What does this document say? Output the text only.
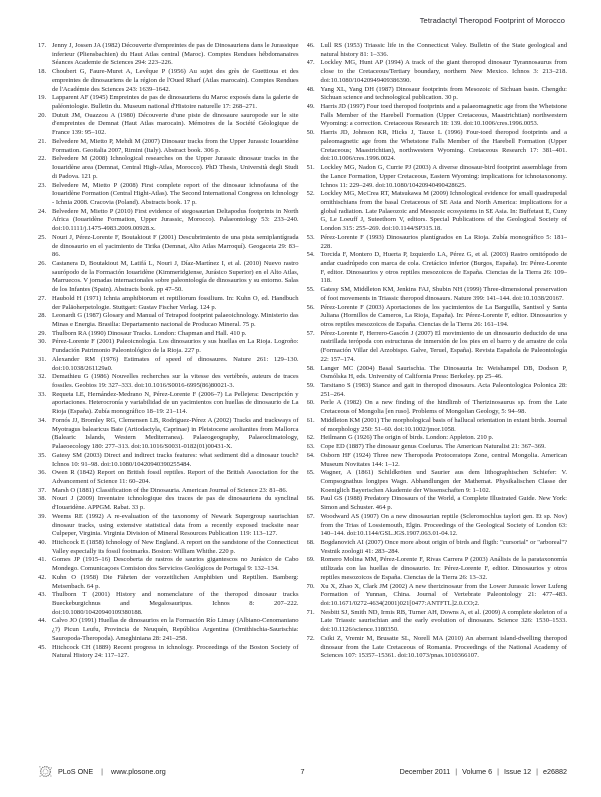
Tetradactyl Theropod Footprint of Morocco
17. Jenny J, Jossen JA (1982) Découverte d'empreintes de pas de Dinosauriens dans le Jurassique inferieur (Pliensbachien) du Haut Atlas central (Maroc). Comptes Rendues hébdomanaires Séances Academie de Sciences 294: 223–226.
18. Choubert G, Faure-Muret A, Levêque P (1956) Au sujet des grès de Guettioua et des empreintes de dinosauriens de la région de l'Oued Rharf (Atlas marocain). Comptes Rendues de l'Académie des Sciences 243: 1639–1642.
19. Lapparent AF (1945) Empreintes de pas de dinosauriens du Maroc exposés dans la galerie de paléontologie. Bulletin du. Museum national d'Histoire naturelle 17: 268–271.
20. Dutuit JM, Ouazzou A (1980) Découverte d'une piste de dinosaure sauropode sur le site d'empreintes de Demnat (Haut Atlas marocain). Mémoires de la Société Géologique de France 139: 95–102.
21. Belvedere M, Mietto P, Mehdi M (2007) Dinosaur tracks from the Upper Jurassic Iouaridène Formation. Geoitalia 2007, Rimini (Italy). Abstract book. 306 p.
22. Belvedere M (2008) Ichnological researches on the Upper Jurassic dinosaur tracks in the Iouaridène area (Demnat, Central High-Atlas, Morocco). PhD Thesis, Università degli Studi di Padova. 121 p.
23. Belvedere M, Mietto P (2008) First complete report of the dinosaur ichnofauna of the Iouaridène Formation (Central Hight-Atlas). The Second International Congress on Ichnology - Ichnia 2008. Cracovia (Poland). Abstracts book. 17 p.
24. Belvedere M, Mietto P (2010) First evidence of stegosaurian Deltapodus footprints in North Africa (Iouaridène Formation, Upper Jurassic, Morocco). Palaeontology 53: 233–240. doi:10.1111/j.1475-4983.2009.00928.x.
25. Nouri J, Pérez-Lorente F, Boutakiout F (2001) Descubrimiento de una pista semiplantígrada de dinosaurio en el yacimiento de Tirika (Demnat, Alto Atlas Marroquí). Geogaceta 29: 83–86.
26. Castanera D, Boutakiout M, Latifá L, Nouri J, Díaz-Martínez I, et al. (2010) Nuevo rastro saurópodo de la Formación Iouaridène (Kimmeridgiense, Jurásico Superior) en el Alto Atlas, Marruecos. V jornadas internacionales sobre paleontología de dinosaurios y su entorno. Salas de los Infantes (Spain). Abstracts book. pp 47–50.
27. Haubold H (1971) Ichnia amphibiorum et reptiliorum fossilium. In: Kuhn O, ed. Handbuch der Paläoherpetologie. Stuttgart: Gustav Fischer Verlag. 124 p.
28. Leonardi G (1987) Glosary and Manual of Tetrapod footprint palaeoichnology. Ministerio das Minas e Energia. Brasilia: Departamento nacional de Producao Mineral. 75 p.
29. Thulborn RA (1990) Dinosaur Tracks. London: Chapman and Hall. 410 p.
30. Pérez-Lorente F (2001) Paleoicnología. Los dinosaurios y sus huellas en La Rioja. Logroño: Fundación Patrimonio Paleontológico de la Rioja. 227 p.
31. Alexander RM (1976) Estimates of speed of dinosaures. Nature 261: 129–130. doi:10.1038/261129a0.
32. Demathieu G (1986) Nouvelles recherches sur la vitesse des vertébrés, auteurs de traces fossiles. Geobios 19: 327–333. doi:10.1016/S0016-6995(86)80021-3.
33. Requeta LE, Hernández-Medrano N, Pérez-Lorente F (2006–7) La Pellejera: Descripción y aportaciones. Heterocronía y variabilidad de un yacimientos con huellas de dinosaurio de La Rioja (España). Zubía monográfico 18–19: 21–114.
34. Fornós JJ, Bromley RG, Clemensen LB, Rodriguez-Pérez A (2002) Tracks and trackways of Myotragus balearicus Bate (Artiodactyla, Caprinae) in Pleistocene aeolianites from Mallorca (Balearic Islands, Western Mediterranea). Palaeogeography, Palaeoclimatology, Palaeoecology 180: 277–313. doi:10.1016/S0031-0182(01)00431-X.
35. Gatesy SM (2003) Direct and indirect tracks features: what sediment did a dinosaur touch? Ichnos 10: 91–98. doi:10.1080/10420940390255484.
36. Owen R (1842) Report on British fossil reptiles. Report of the British Association for the Advancement of Science 11: 60–204.
37. Marsh O (1881) Classification of the Dinosauria. American Journal of Science 23: 81–86.
38. Nouri J (2009) Inventaire ichnologique des traces de pas de dinosauriens du synclinal d'Iouaridène. APPGM. Rabat. 33 p.
39. Weems RE (1992) A re-evaluation of the taxonomy of Newark Supergroup saurischian dinosaur tracks, using extensive statistical data from a recently exposed tracksite near Culpeper, Virginia. Virginia Division of Mineral Resources Publication 119: 113–127.
40. Hitchcock E (1858) Ichnology of New England. A report on the sandstone of the Connecticut Valley especially its fossil footmarks. Boston: William Whithe. 220 p.
41. Gomes JP (1915–16) Descoberta de rastros de saurios gigantescos no Jurásico de Cabo Mondego. Comunicaçoes Comision dos Servicios Geológicos de Portugal 9: 132–134.
42. Kuhn O (1958) Die Fährten der vorzeitlichen Amphibien und Reptilien. Bamberg: Meisenbach. 64 p.
43. Thulborn T (2001) History and nomenclature of the theropod dinosaur tracks Bueckeburgichnus and Megalosauripus. Ichnos 8: 207–222. doi:10.1080/10420940109380188.
44. Calvo JO (1991) Huellas de dinosaurios en la Formación Río Limay (Albiano-Cenomaniano ¿?) Picun Leufu, Provincia de Neuquén, República Argentina (Ornithischia-Saurischia: Sauropoda-Theropoda). Ameghiniana 28: 241–258.
45. Hitchcock CH (1889) Recent progress in ichnology. Proceedings of the Boston Society of Natural History 24: 117–127.
46. Lull RS (1953) Triassic life in the Connecticut Valey. Bulletin of the State geological and natural history 81: 1–336.
47. Lockley MG, Hunt AP (1994) A track of the giant theropod dinosaur Tyrannosaurus from close to the Cretaceous/Tertiary boundary, northern New Mexico. Ichnos 3: 213–218. doi:10.1080/10420949409386390.
48. Yang XL, Yang DH (1987) Dinosaur footprints from Mesozoic of Sichuan basin. Chengdu: Sichuan science and technological publication. 30 p.
49. Harris JD (1997) Four toed theropod footprints and a palaeomagnetic age from the Whetstone Falls Member of the Harebell Formation (Upper Cretaceous, Maastrichtian) northwestern Wyoming: a correction. Cretaceous Research 18: 139. doi:10.1006/cres.1996.0053.
50. Harris JD, Johnson KR, Hicks J, Tauxe L (1996) Four-toed theropod footprints and a paleomagnetic age from the Whetstone Falls Member of the Harebell Formation (Upper Cretaceous; Maastrichtian), northwestern Wyoming. Cretaceous Research 17: 381–401. doi:10.1006/cres.1996.0024.
51. Lockley MG, Nadon G, Currie PJ (2003) A diverse dinosaur-bird footprint assemblage from the Lance Formation, Upper Cretaceous, Eastern Wyoming: implications for ichnotaxonomy. Ichnos 11: 229–249. doi:10.1080/10420940490428625.
52. Lockley MG, McCrea RT, Matsukawa M (2009) Ichnological evidence for small quadrupedal ornithischians from the basal Cretaceous of SE Asia and North America: implications for a global radiation. Late Palaeozoic and Mesozoic ecosystems in SE Asia. In: Buffetaut E, Cuny G, Le Loeuff J, Suteethorn V, editors. Special Publications of the Geological Society of London 315: 255–269. doi:10.1144/SP315.18.
53. Pérez-Lorente F (1993) Dinosaurios plantígrados en La Rioja. Zubía monográfico 5: 181–228.
54. Torcida F, Montero D, Huerta P, Izquierdo LA, Pérez G, et al. (2003) Rastro ornitópodo de andar cuadrúpedo con marca de cola. Cretácico inferior (Burgos, España). In: Pérez-Lorente F, editor. Dinosaurios y otros reptiles mesozoicos de España. Ciencias de la Tierra 26: 109–118.
55. Gatesy SM, Middleton KM, Jenkins FAJ, Shubin NH (1999) Three-dimensional preservation of foot movements in Triassic theropod dinosaurs. Nature 399: 141–144. doi:10.1038/20167.
56. Pérez-Lorente F (2003) Aportaciones de los yacimientos de La Barguilla, Santisol y Santa Juliana (Hornillos de Cameros, La Rioja, España). In: Pérez-Lorente F, editor. Dinosaurios y otros reptiles mesozoicos de España. Ciencias de la Tierra 26: 161–194.
57. Pérez-Lorente F, Herrero-Gascón J (2007) El movimiento de un dinosaurio deducido de una rastrillada terópoda con estructuras de inmersión de los pies en el barro y de arrastre de cola (Formación Villar del Arzobispo. Galve, Teruel, España). Revista Española de Paleontología 22: 157–174.
58. Langer MC (2004) Basal Saurischia. The Dinosauria In: Weishampel DB, Dodson P, Osmólska H, eds. University of California Press: Berkeley. pp 25–46.
59. Tarsitano S (1983) Stance and gait in theropod dinosaurs. Acta Paleontologica Polonica 28: 251–264.
60. Perle A (1982) On a new finding of the hindlimb of Therizinosaurus sp. from the Late Cretaceous of Mongolia [en ruso]. Problems of Mongolian Geology, 5: 94–98.
61. Middleton KM (2001) The morphological basis of hallucal orientation in extant birds. Journal of morphology 250: 51–60. doi:10.1002/jmor.1058.
62. Heilmann G (1926) The origin of birds. London: Appleton. 210 p.
63. Cope ED (1887) The dinosaur genus Coelurus. The American Naturalist 21: 367–369.
64. Osborn HF (1924) Three new Theropoda Protoceratops Zone, central Mongolia. American Museum Novitates 144: 1–12.
65. Wagner, A (1861) Schildkröten und Saurier aus dem lithographischen Schiefer: V. Compsognathus longipes Wagn. Abhandlungen der Mathemat. Physikalischen Classe der Koeniglich Bayerischen Akademie der Wissenschaften 9: 1–102.
66. Paul GS (1988) Predatory Dinosaurs of the World, a Complete Illustrated Guide. New York: Simon and Schuster. 464 p.
67. Woodward AS (1907) On a new dinosaurian reptile (Scleromochlus taylori gen. Et sp. Nov) from the Trias of Lossiemouth, Elgin. Proceedings of the Geological Society of London 63: 140–144. doi:10.1144/GSL.JGS.1907.063.01-04.12.
68. Bogdanovich AI (2007) Once more about origin of birds and fligth: "cursorial" or "arboreal"? Vestnik zoologii 41: 283–284.
69. Romero Molina MM, Pérez-Lorente F, Rivas Carrera P (2003) Análisis de la parataxonomía utilizada con las huellas de dinosaurio. In: Pérez-Lorente F, editor. Dinosaurios y otros reptiles mesozoicos de España. Ciencias de la Tierra 26: 13–32.
70. Xu X, Zhao X, Clark JM (2002) A new therizinosaur from the Lower Jurassic lower Lufeng Formation of Yunnan, China. Journal of Vertebrate Paleontology 21: 477–483. doi:10.1671/0272-4634(2001)021[0477:ANTFTL]2.0.CO;2.
71. Nesbitt SJ, Smith ND, Irmis RB, Turner AH, Downs A, et al. (2009) A complete skeleton of a Late Triassic saurischian and the early evolution of dinosaurs. Science 326: 1530–1533. doi:10.1126/science.1180350.
72. Csiki Z, Vremir M, Brusatte SL, Norell MA (2010) An aberrant island-dwelling theropod dinosaur from the Late Cretaceous of Romania. Proceedings of the National Academy of Sciences 107: 15357–15361. doi:10.1073/pnas.1010366107.
PLoS ONE	|	www.plosone.org	7	December 2011 | Volume 6 | Issue 12 | e26882
